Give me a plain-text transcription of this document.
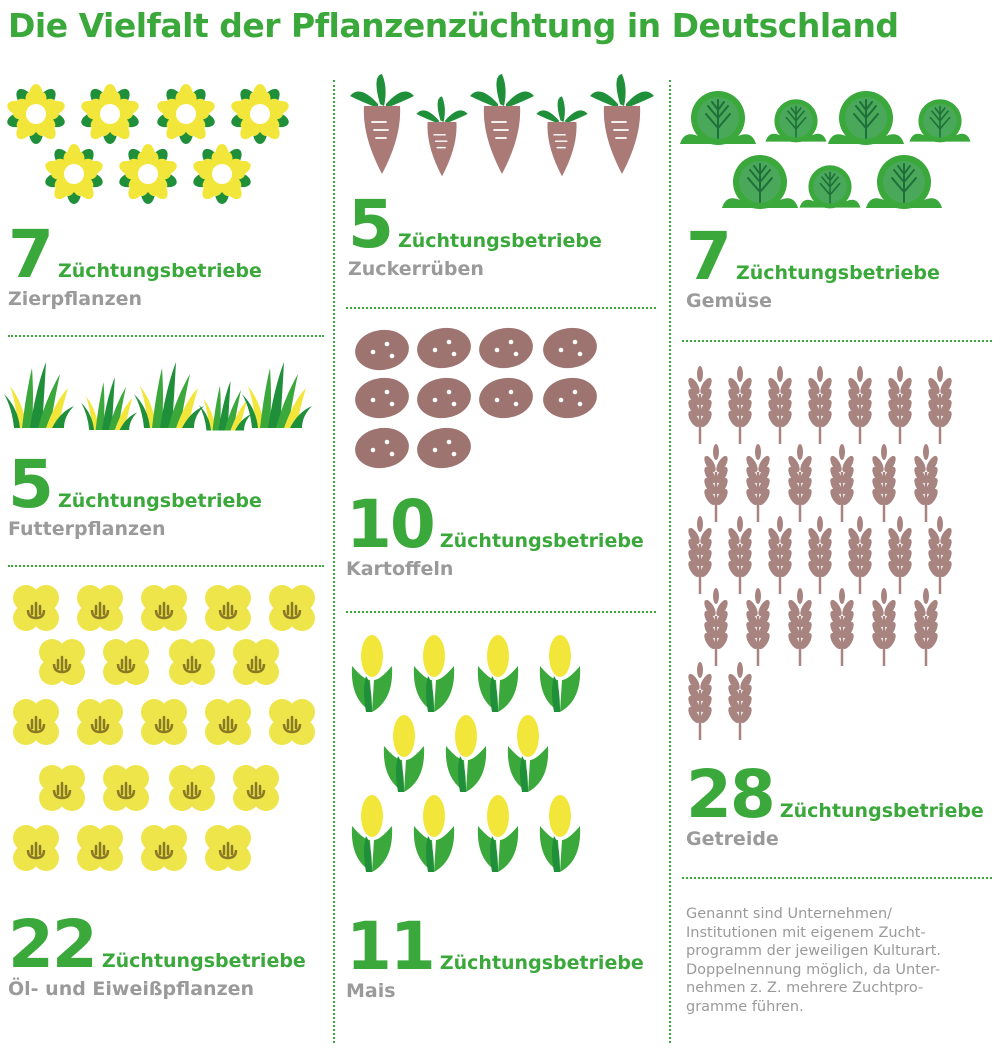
Die Vielfalt der Pflanzenzüchtung in Deutschland
7 Züchtungsbetriebe
Zierpflanzen
5 Züchtungsbetriebe
Futterpflanzen
22 Züchtungsbetriebe
Öl- und Eiweißpflanzen
5 Züchtungsbetriebe
Zuckerrüben
10 Züchtungsbetriebe
Kartoffeln
11 Züchtungsbetriebe
Mais
7 Züchtungsbetriebe
Gemüse
28 Züchtungsbetriebe
Getreide
Genannt sind Unternehmen/
Institutionen mit eigenem Zucht-
programm der jeweiligen Kulturart.
Doppelnennung möglich, da Unter-
nehmen z. Z. mehrere Zuchtpro-
gramme führen.
